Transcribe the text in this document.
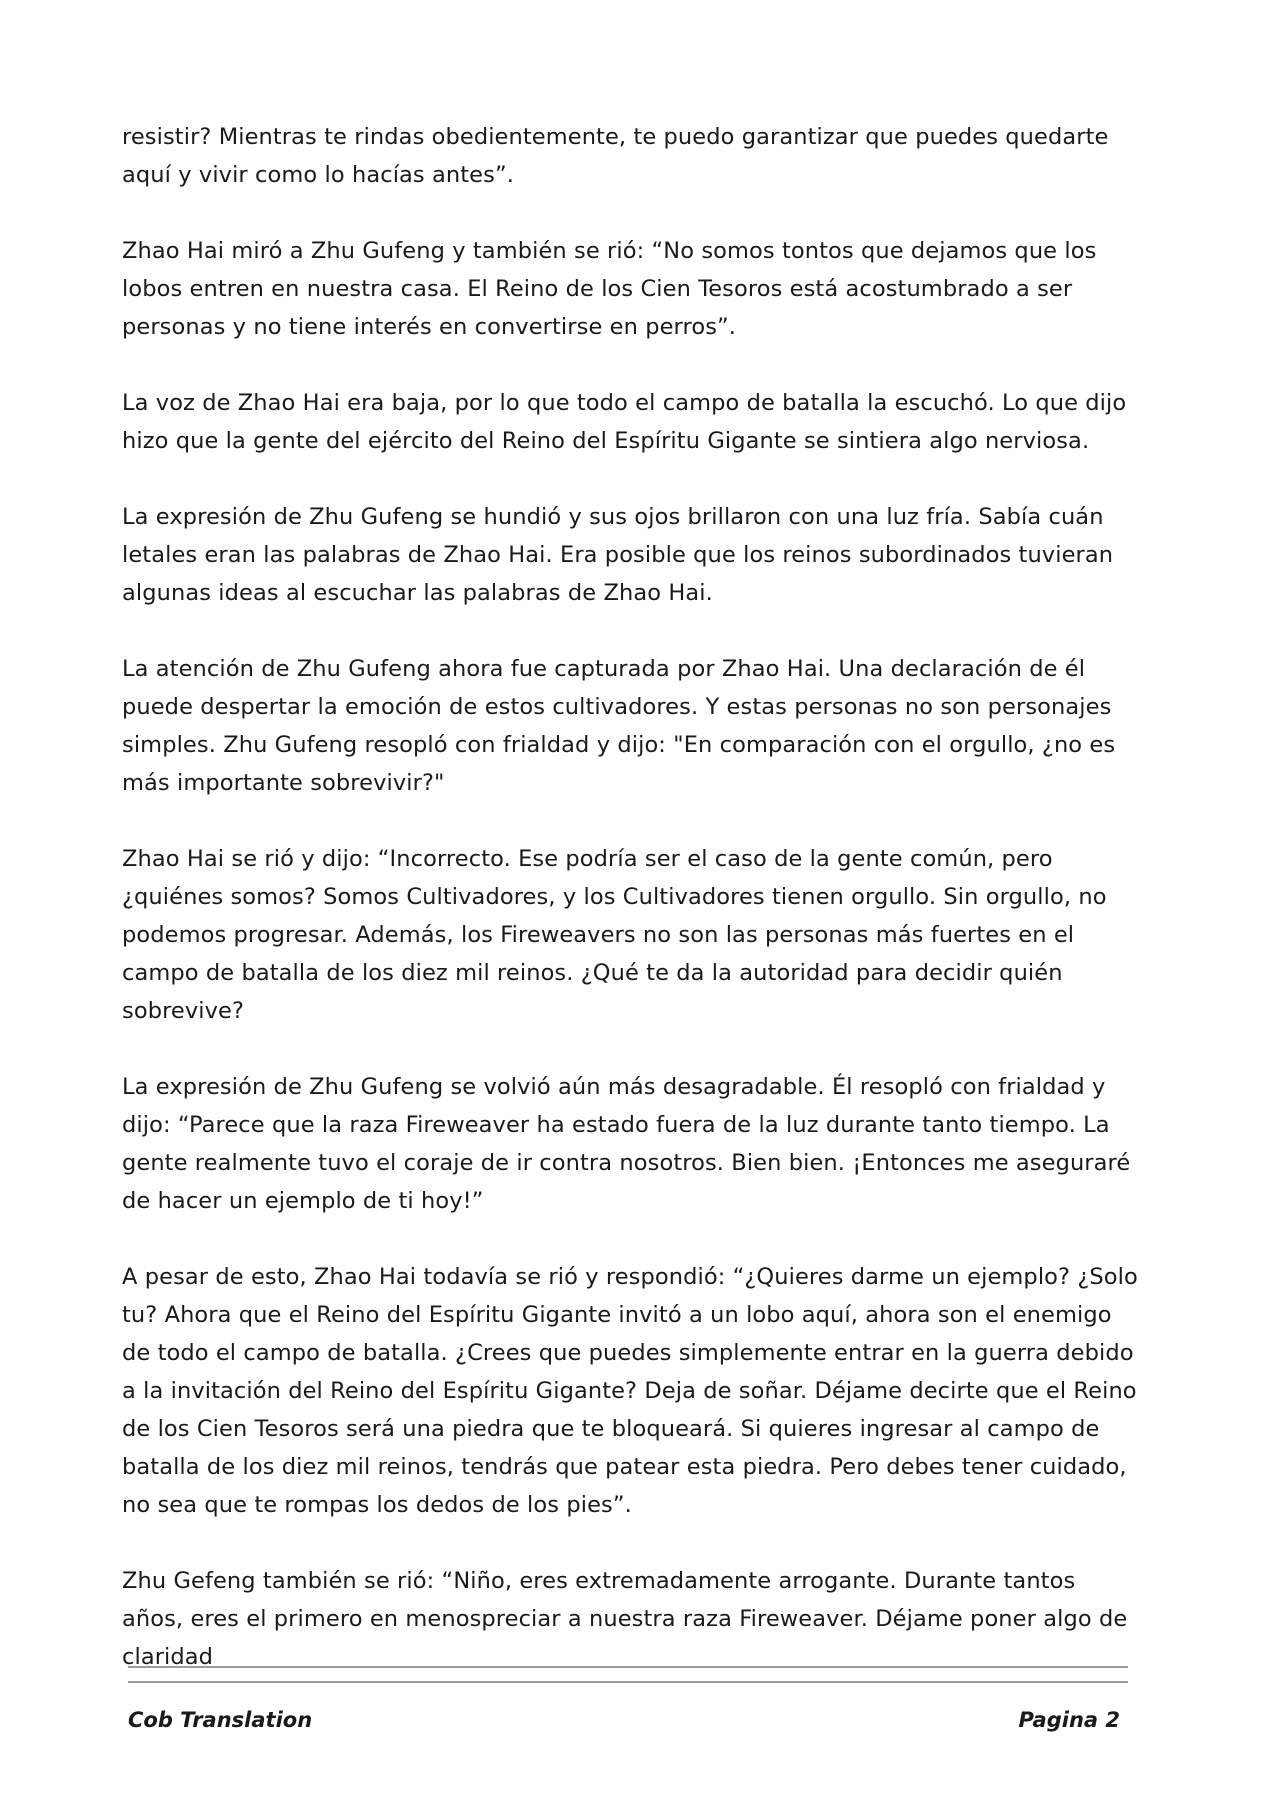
resistir? Mientras te rindas obedientemente, te puedo garantizar que puedes quedarte aquí y vivir como lo hacías antes”.

Zhao Hai miró a Zhu Gufeng y también se rió: “No somos tontos que dejamos que los lobos entren en nuestra casa. El Reino de los Cien Tesoros está acostumbrado a ser personas y no tiene interés en convertirse en perros”.

La voz de Zhao Hai era baja, por lo que todo el campo de batalla la escuchó. Lo que dijo hizo que la gente del ejército del Reino del Espíritu Gigante se sintiera algo nerviosa.

La expresión de Zhu Gufeng se hundió y sus ojos brillaron con una luz fría. Sabía cuán letales eran las palabras de Zhao Hai. Era posible que los reinos subordinados tuvieran algunas ideas al escuchar las palabras de Zhao Hai.

La atención de Zhu Gufeng ahora fue capturada por Zhao Hai. Una declaración de él puede despertar la emoción de estos cultivadores. Y estas personas no son personajes simples. Zhu Gufeng resopló con frialdad y dijo: "En comparación con el orgullo, ¿no es más importante sobrevivir?"

Zhao Hai se rió y dijo: “Incorrecto. Ese podría ser el caso de la gente común, pero ¿quiénes somos? Somos Cultivadores, y los Cultivadores tienen orgullo. Sin orgullo, no podemos progresar. Además, los Fireweavers no son las personas más fuertes en el campo de batalla de los diez mil reinos. ¿Qué te da la autoridad para decidir quién sobrevive?

La expresión de Zhu Gufeng se volvió aún más desagradable. Él resopló con frialdad y dijo: “Parece que la raza Fireweaver ha estado fuera de la luz durante tanto tiempo. La gente realmente tuvo el coraje de ir contra nosotros. Bien bien. ¡Entonces me aseguraré de hacer un ejemplo de ti hoy!”

A pesar de esto, Zhao Hai todavía se rió y respondió: “¿Quieres darme un ejemplo? ¿Solo tu? Ahora que el Reino del Espíritu Gigante invitó a un lobo aquí, ahora son el enemigo de todo el campo de batalla. ¿Crees que puedes simplemente entrar en la guerra debido a la invitación del Reino del Espíritu Gigante? Deja de soñar. Déjame decirte que el Reino de los Cien Tesoros será una piedra que te bloqueará. Si quieres ingresar al campo de batalla de los diez mil reinos, tendrás que patear esta piedra. Pero debes tener cuidado, no sea que te rompas los dedos de los pies”.

Zhu Gefeng también se rió: “Niño, eres extremadamente arrogante. Durante tantos años, eres el primero en menospreciar a nuestra raza Fireweaver. Déjame poner algo de claridad

Cob Translation	Pagina 2
